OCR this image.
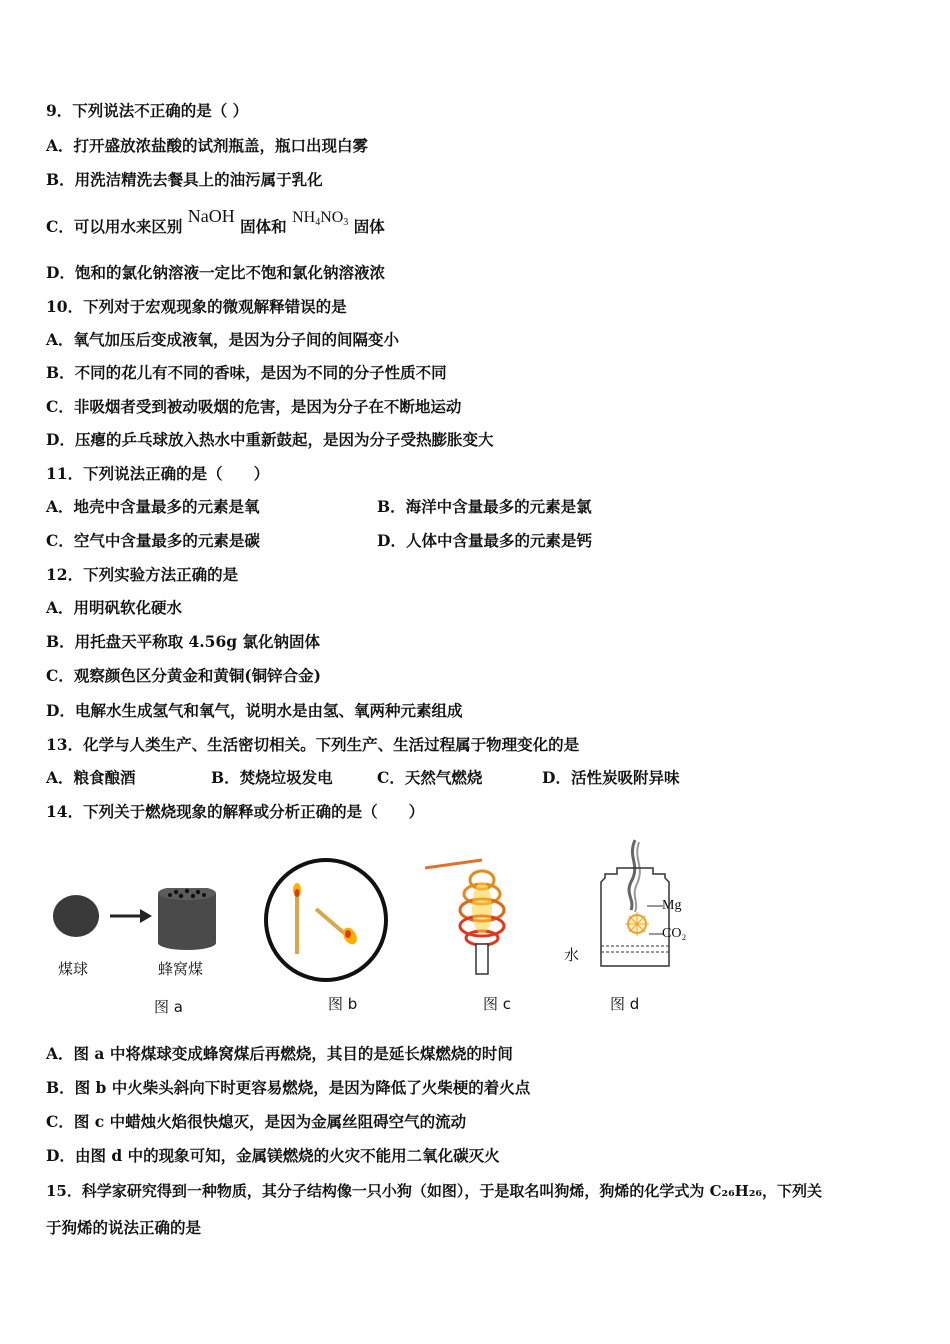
9．下列说法不正确的是（ ）
A．打开盛放浓盐酸的试剂瓶盖，瓶口出现白雾
B．用洗洁精洗去餐具上的油污属于乳化
C．可以用水来区别 NaOH 固体和 $NH_4NO_3$ 固体
D．饱和的氯化钠溶液一定比不饱和氯化钠溶液浓
10．下列对于宏观现象的微观解释错误的是
A．氧气加压后变成液氧，是因为分子间的间隔变小
B．不同的花儿有不同的香味，是因为不同的分子性质不同
C．非吸烟者受到被动吸烟的危害，是因为分子在不断地运动
D．压瘪的乒乓球放入热水中重新鼓起，是因为分子受热膨胀变大
11．下列说法正确的是（　　）
A．地壳中含量最多的元素是氧	B．海洋中含量最多的元素是氯
C．空气中含量最多的元素是碳	D．人体中含量最多的元素是钙
12．下列实验方法正确的是
A．用明矾软化硬水
B．用托盘天平称取 4.56g 氯化钠固体
C．观察颜色区分黄金和黄铜(铜锌合金)
D．电解水生成氢气和氧气，说明水是由氢、氧两种元素组成
13．化学与人类生产、生活密切相关。下列生产、生活过程属于物理变化的是
A．粮食酿酒	B．焚烧垃圾发电	C．天然气燃烧	D．活性炭吸附异味
14．下列关于燃烧现象的解释或分析正确的是（　　）
煤球	蜂窝煤
图 a	图 b	图 c
Mg
CO₂
水
图 d
A．图 a 中将煤球变成蜂窝煤后再燃烧，其目的是延长煤燃烧的时间
B．图 b 中火柴头斜向下时更容易燃烧，是因为降低了火柴梗的着火点
C．图 c 中蜡烛火焰很快熄灭，是因为金属丝阻碍空气的流动
D．由图 d 中的现象可知，金属镁燃烧的火灾不能用二氧化碳灭火
15．科学家研究得到一种物质，其分子结构像一只小狗（如图），于是取名叫狗烯，狗烯的化学式为 C₂₆H₂₆，下列关
于狗烯的说法正确的是
